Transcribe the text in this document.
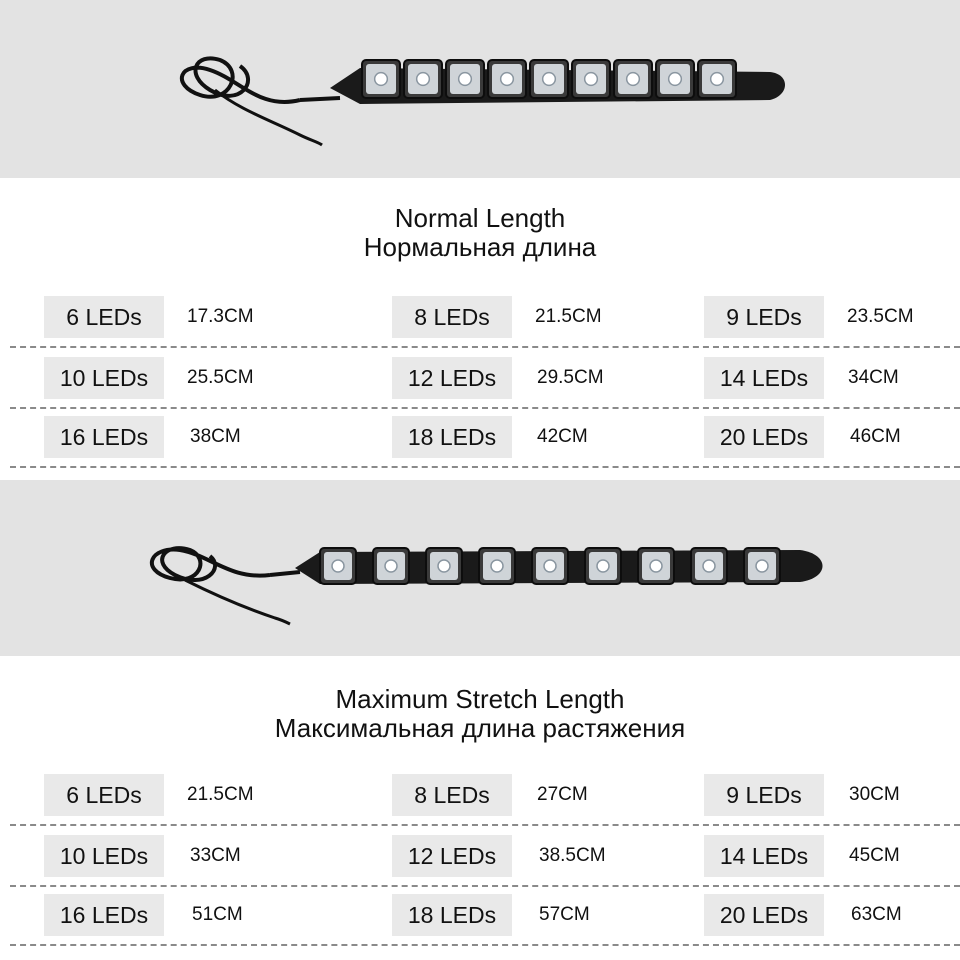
Normal Length
Нормальная длина
6 LEDs	17.3CM	8 LEDs	21.5CM	9 LEDs	23.5CM
10 LEDs	25.5CM	12 LEDs	29.5CM	14 LEDs	34CM
16 LEDs	38CM	18 LEDs	42CM	20 LEDs	46CM
Maximum Stretch Length
Максимальная длина растяжения
6 LEDs	21.5CM	8 LEDs	27CM	9 LEDs	30CM
10 LEDs	33CM	12 LEDs	38.5CM	14 LEDs	45CM
16 LEDs	51CM	18 LEDs	57CM	20 LEDs	63CM
